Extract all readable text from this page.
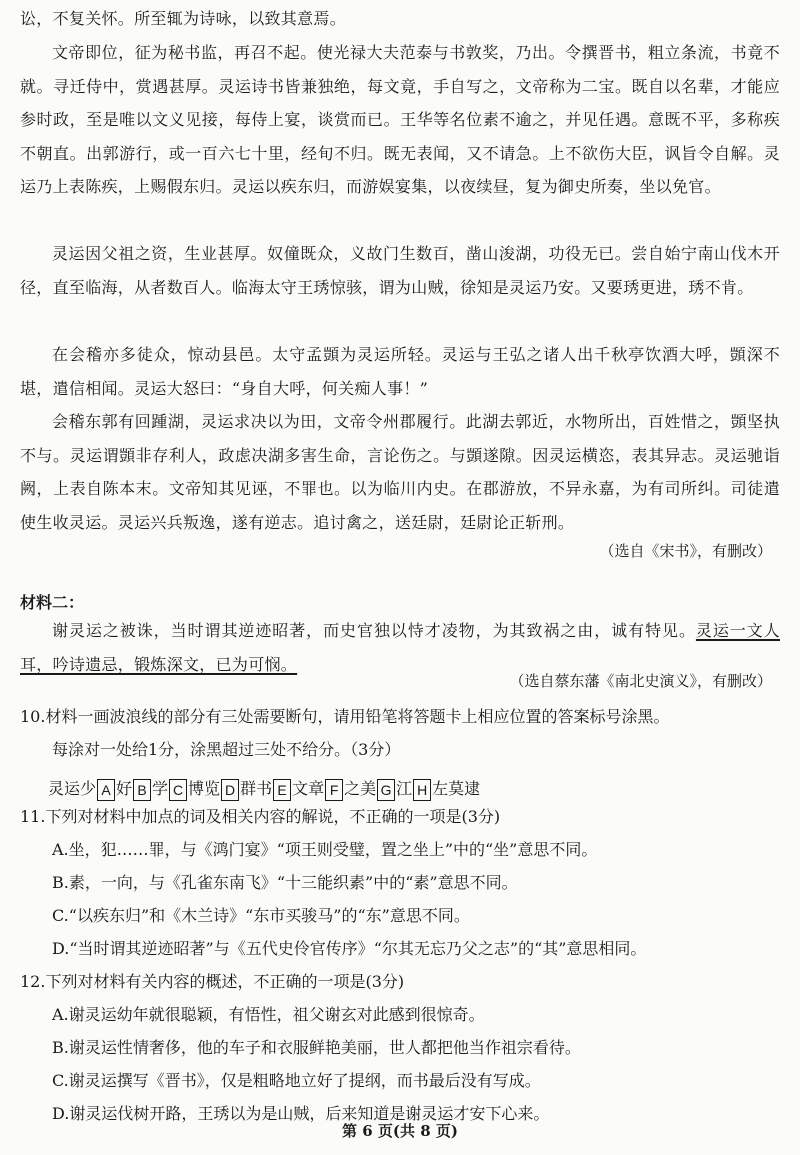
讼，不复关怀。所至辄为诗咏，以致其意焉。

文帝即位，征为秘书监，再召不起。使光禄大夫范泰与书敦奖，乃出。令撰晋书，粗立条流，书竟不就。寻迁侍中，赏遇甚厚。灵运诗书皆兼独绝，每文竟，手自写之，文帝称为二宝。既自以名辈，才能应参时政，至是唯以文义见接，每侍上宴，谈赏而已。王华等名位素不逾之，并见任遇。意既不平，多称疾不朝直。出郭游行，或一百六七十里，经旬不归。既无表闻，又不请急。上不欲伤大臣，讽旨令自解。灵运乃上表陈疾，上赐假东归。灵运以疾东归，而游娱宴集，以夜续昼，复为御史所奏，坐以免官。

灵运因父祖之资，生业甚厚。奴僮既众，义故门生数百，凿山浚湖，功役无已。尝自始宁南山伐木开径，直至临海，从者数百人。临海太守王琇惊骇，谓为山贼，徐知是灵运乃安。又要琇更进，琇不肯。

在会稽亦多徒众，惊动县邑。太守孟顗为灵运所轻。灵运与王弘之诸人出千秋亭饮酒大呼，顗深不堪，遣信相闻。灵运大怒曰：“身自大呼，何关痴人事！”

会稽东郭有回踵湖，灵运求决以为田，文帝令州郡履行。此湖去郭近，水物所出，百姓惜之，顗坚执不与。灵运谓顗非存利人，政虑决湖多害生命，言论伤之。与顗遂隙。因灵运横恣，表其异志。灵运驰诣阙，上表自陈本末。文帝知其见诬，不罪也。以为临川内史。在郡游放，不异永嘉，为有司所纠。司徒遣使生收灵运。灵运兴兵叛逸，遂有逆志。追讨禽之，送廷尉，廷尉论正斩刑。

（选自《宋书》，有删改）

材料二：

谢灵运之被诛，当时谓其逆迹昭著，而史官独以恃才凌物，为其致祸之由，诚有特见。灵运一文人耳，吟诗遗忌，锻炼深文，已为可悯。

（选自蔡东藩《南北史演义》，有删改）

10.材料一画波浪线的部分有三处需要断句，请用铅笔将答题卡上相应位置的答案标号涂黑。
每涂对一处给1分，涂黑超过三处不给分。（3分）
灵运少 A 好 B 学 C 博览 D 群书 E 文章 F 之美 G 江 H 左莫逮
11.下列对材料中加点的词及相关内容的解说，不正确的一项是(3分)
A.坐，犯……罪，与《鸿门宴》“项王则受璧，置之坐上”中的“坐”意思不同。
B.素，一向，与《孔雀东南飞》“十三能织素”中的“素”意思不同。
C.“以疾东归”和《木兰诗》“东市买骏马”的“东”意思不同。
D.“当时谓其逆迹昭著”与《五代史伶官传序》“尔其无忘乃父之志”的“其”意思相同。
12.下列对材料有关内容的概述，不正确的一项是(3分)
A.谢灵运幼年就很聪颖，有悟性，祖父谢玄对此感到很惊奇。
B.谢灵运性情奢侈，他的车子和衣服鲜艳美丽，世人都把他当作祖宗看待。
C.谢灵运撰写《晋书》，仅是粗略地立好了提纲，而书最后没有写成。
D.谢灵运伐树开路，王琇以为是山贼，后来知道是谢灵运才安下心来。
第 6 页(共 8 页)
